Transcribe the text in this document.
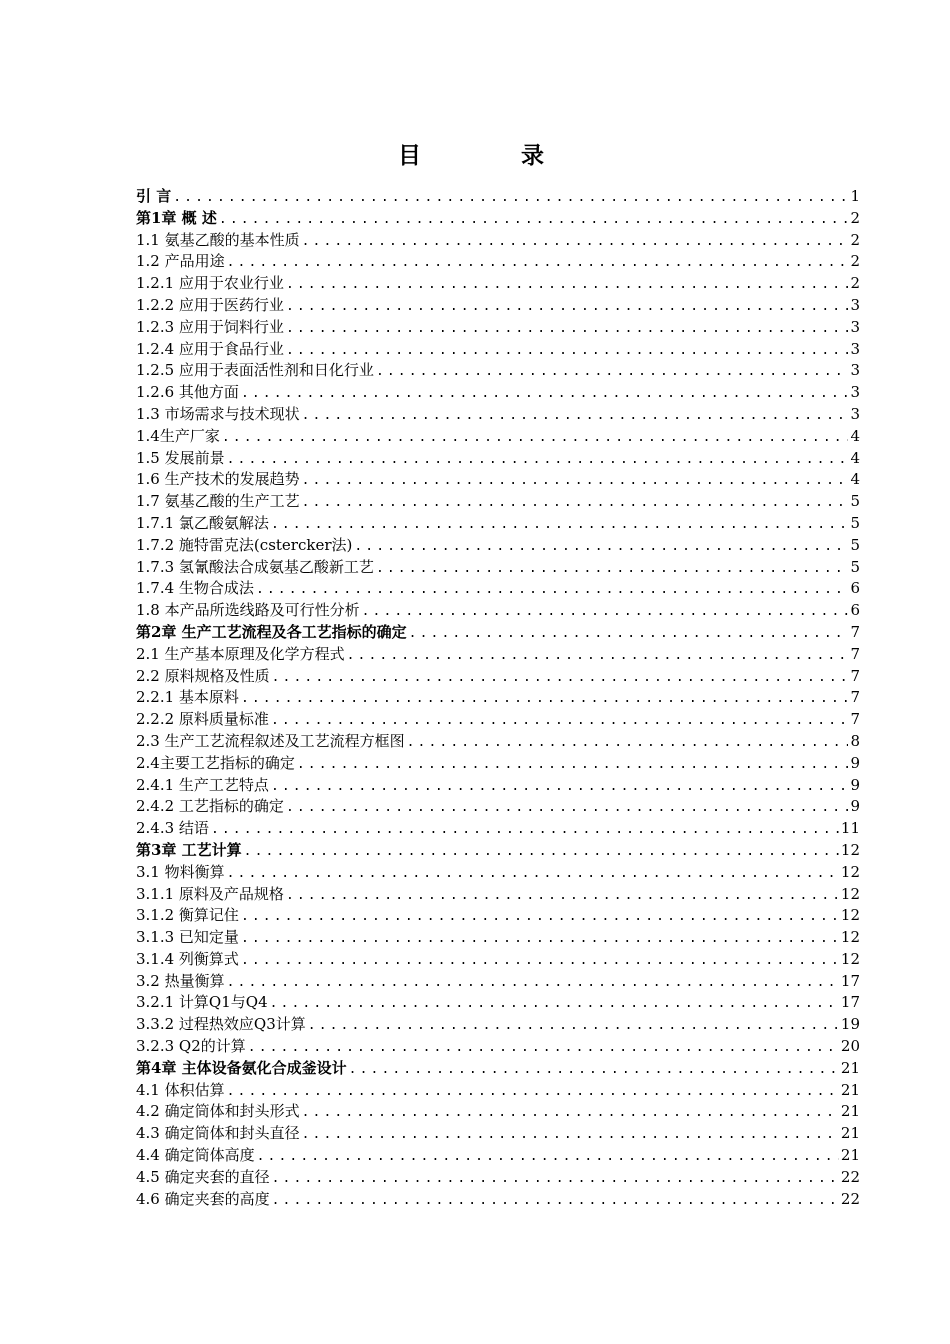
目 录
引 言 .....	1
第1章 概 述 .....	2
1.1 氨基乙酸的基本性质 .....	2
1.2 产品用途 .....	2
1.2.1 应用于农业行业 .....	2
1.2.2 应用于医药行业 .....	3
1.2.3 应用于饲料行业 .....	3
1.2.4 应用于食品行业 .....	3
1.2.5 应用于表面活性剂和日化行业 .....	3
1.2.6 其他方面 .....	3
1.3 市场需求与技术现状 .....	3
1.4生产厂家 .....	4
1.5 发展前景 .....	4
1.6 生产技术的发展趋势 .....	4
1.7 氨基乙酸的生产工艺 .....	5
1.7.1 氯乙酸氨解法 .....	5
1.7.2 施特雷克法(cstercker法) .....	5
1.7.3 氢氰酸法合成氨基乙酸新工艺 .....	5
1.7.4 生物合成法 .....	6
1.8 本产品所选线路及可行性分析 .....	6
第2章 生产工艺流程及各工艺指标的确定 .....	7
2.1 生产基本原理及化学方程式 .....	7
2.2 原料规格及性质 .....	7
2.2.1 基本原料 .....	7
2.2.2 原料质量标准 .....	7
2.3 生产工艺流程叙述及工艺流程方框图 .....	8
2.4主要工艺指标的确定 .....	9
2.4.1 生产工艺特点 .....	9
2.4.2 工艺指标的确定 .....	9
2.4.3 结语 .....	11
第3章 工艺计算 .....	12
3.1 物料衡算 .....	12
3.1.1 原料及产品规格 .....	12
3.1.2 衡算记住 .....	12
3.1.3 已知定量 .....	12
3.1.4 列衡算式 .....	12
3.2 热量衡算 .....	17
3.2.1 计算Q1与Q4 .....	17
3.3.2 过程热效应Q3计算 .....	19
3.2.3 Q2的计算 .....	20
第4章 主体设备氨化合成釜设计 .....	21
4.1 体积估算 .....	21
4.2 确定筒体和封头形式 .....	21
4.3 确定筒体和封头直径 .....	21
4.4 确定筒体高度 .....	21
4.5 确定夹套的直径 .....	22
4.6 确定夹套的高度 .....	22
